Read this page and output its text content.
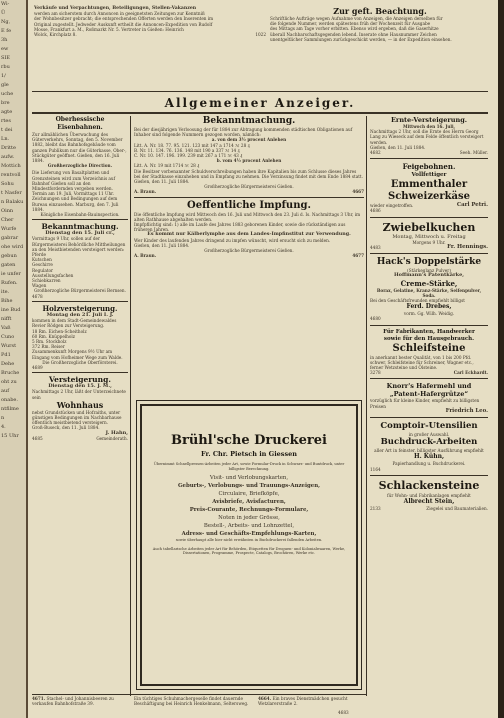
Wi-
Ü
Ng,
E fe
3h
ew
SIE
rbu
1/
gle
uche
bre
agte
rtes
t dei
Ln.
Dritte
aufw.
Mottich
rentvoll
Sohu
t Nasfer
n Balaku
Oinn
Cher
Wurfe
gabrar
ohe wird
gebun
gaten
ie unfer
Rufen.
ite.
Bihe
ine Bud
nifft
Vaß
Cuno
Wurst
Pd1
Dehe
Bruche
oht zu
auf
onabe.
ntfilme
n
4.
15 Uhr
Verkäufe und Verpachtungen, Beteiligungen, Stellen-Vakanzen
werden am sicherstem durch Annoncen in geeignetsten Zeitungen zur Kenntniß
der Wohnbesitzer gebracht; die entsprechenden Offerten werden den Inserenten im
Original zugestellt. Jedweder Auskunft ertheilt die Annoncen-Expedition von Rudolf
Mosse, Frankfurt a. M., Roßmarkt Nr. 5. Vertreter in Gießen: Heinrich
Wolck, Kirchplatz 8.	1022
Zur geft. Beachtung.
Schriftliche Aufträge wegen Aufnahme von Anzeigen, die Anzeigen derselben für
die folgende Nummer, werden spätestens früh der Wochenzeit für Ausgabe
des Mittags am Tage vorher erbitten. Ebenso wird ergeben, daß die Gaserhitze
überall Nachbarschaftsgegenden lebend. Inserate ohne Hausnummer Zeichen
unentgeltlicher Sammlungen zurückgeschickt werden, — in der Expedition einsehen.
Allgemeiner Anzeiger.
Oberhessische Eisenbahnen.
Zur allmählichen Überwachung des Güterverkehrs, Sonntag, den 5. November 1882, bleibt das Bahnhofsgebäude vom ganzen Publikum nur die Güterkasse, Ober-, Stückgüter geöffnet. Gießen, den 16. Juli 1884.
Großherzogliche Direction.
Die Lieferung von Basaltplatten und Grenzsteinen wird zum Verzeichnis auf Bahnhof Gießen soll an den Mindestfordernden vergeben werden.
Termin am 19. Juli, Vormittags 11 Uhr.
Zeichnungen und Bedingungen auf dem Bureau einzusehen. Marburg, den 7. Juli 1884.
Königliche Eisenbahn-Bauinspection.
Bekanntmachung.
Dienstag den 15. Juli cr.,
Vormittags 9 Uhr, sollen auf der Bürgermeisterei Behördliche Mittheilungen an den Meistbietenden versteigert werden:
Pferde
Kutschen
Geschirre
Regulator
Ausstellungsfachen
Schiebkarren
Wagen
Großherzogliche Bürgermeisterei Bernsen.
4678
Holzversteigerung.
Montag den 21. Juli I. J.
kommen in dem Stadt-Gemeindewaldes Revier Rödgen zur Versteigerung.
18 Rm. Eichen-Scheitholz
60 Rm. Knüppelholz
5 Rm. Stockholz
372 Rm. Reiser
Zusammenkunft Morgens 9½ Uhr am Eingang vom Hofheimer Wege zum Walde.
Die Großherzogliche Oberförsterei.
4689
Versteigerung.
Dienstag den 15. J. M.,
Nachmittags 2 Uhr, läßt der Unterzeichnete sein
Wohnhaus
nebst Grundstücken und Hofraiths, unter günstigen Bedingungen im Nachbarhause öffentlich meistbietend versteigern.
Groß-Buseck, den 11. Juli 1884.
J. Hahn,
4685	Gemeinderath.
Bekanntmachung.
Bei der diesjährigen Verloosung der für 1884 zur Abtragung kommenden städtischen Obligationen auf Inhaber sind folgende Nummern gezogen worden, nämlich:
a. von dem 3½ procent Anlehen
Litt. A. Nr. 18. 77. 95. 121. 123 mit 147 a 1714 ℳ 28 ₰
B. Nr. 11. 134. 76. 136. 148 mit 190 a 337 ℳ 14 ₰
C. Nr. 10. 147. 196. 199. 239 mit 267 a 171 ℳ 43 ₰
b. vom 4½ procent Anlehen
Litt. A. Nr. 19 mit 1714 ℳ 28 ₰
Die Besitzer vorbenannter Schuldverschreibungen haben ihre Kapitalien bis zum Schlusse dieses Jahres bei der Stadtkasse einzuheben und in Empfang zu nehmen. Die Verzinsung findet mit dem Ende 1884 statt.
Gießen, den 11. Juli 1884.
Großherzogliche Bürgermeisterei Gießen.
A. Braun.	4667
Oeffentliche Impfung.
Die öffentliche Impfung wird Mittwoch den 16. Juli und Mittwoch den 23. Juli d. Is. Nachmittags 3 Uhr, im alten Rathhause abgehalten werden.
Impfpflichtig sind: 1) alle im Laufe des Jahres 1883 geborenen Kinder, sowie die rückständigen aus früheren Jahren.
Es kommt nur Kälberlymphe aus dem Landes-Impfinstitut zur Verwendung.
Wer Kinder des laufenden Jahres dringend zu impfen wünscht, wird ersucht sich zu melden.
Gießen, den 11. Juli 1884.
Großherzogliche Bürgermeisterei Gießen.
A. Braun.	4677
Brühl'sche Druckerei
Fr. Chr. Pietsch in Giessen
Übernimmt Schnellpressen-Arbeiten jeder Art, sowie Formular-Druck in Schwarz- und Buntdruck, unter billigster Berechnung.
Visit- und Verlobungskarten,
Geburts-, Verlobungs- und Trauungs-Anzeigen,
Circulaire, Briefköpfe,
Avisbriefe, Avisfacturen,
Preis-Courante, Rechnungs-Formulare,
Noten in jeder Grösse,
Bestell-, Arbeits- und Lohnzettel,
Adress- und Geschäfts-Empfehlungs-Karten,
sowie überhaupt alle hier nicht erwähnten in Buchdruckerei fallenden Arbeiten.
Auch tabellarische Arbeiten jeder Art für Behörden, Etiquetten für Droguen- und Kolonialwaaren, Werke, Dissertationen, Programme, Prospecte, Catalogs, Brochüren, Werke etc.
Ernte-Versteigerung.
Mittwoch den 16. Juli,
Nachmittags 2 Uhr, soll die Ernte des Herrn Georg Lang zu Wieseck auf dem Felde öffentlich versteigert werden.
Gießen, den 11. Juli 1884.
4682	Seeh. Müller.
Feigebohnen.
Vollfettiger
Emmenthaler
Schweizerkäse
wieder eingetroffen.	Carl Petri.
4686
Zwiebelkuchen
Montag, Mittwoch u. Freitag
Morgens 9 Uhr.
4483	Fr. Hennings.
Hack's Doppelstärke
(Stärkeglanz Pulver)
Hoffmann's Patentkärke,
Creme-Stärke,
Borax, Gelatine, Kranz-Stärke, Seifenpulver, Soda.
Bei den Geschäftsfreunden empfiehlt billigst
Ferd. Drebes,
vorm. Gg. Wilh. Weidig.
4680
Für Fabrikanten, Handwerker
sowie für den Hausgebrauch.
Schleifsteine
in anerkannt bester Qualität, von 1 bis 200 Pfd. schwer, Schleifsteine für Schreiner, Wagner etc., ferner Wetzsteine und Ölsteine.
3278	Carl Eckhardt.
Knorr's Hafermehl und
„Patent-Hafergrütze“
vorzüglich für kleine Kinder, empfiehlt zu billigsten Preisen
Friedrich Leo.
Comptoir-Utensilien
in großer Auswahl.
Buchdruck-Arbeiten
aller Art in feinster, billigster Ausführung empfiehlt
H. Kühn,
Papierhandlung u. Buchdruckerei.
1164
Schlackensteine
für Wohn- und Fabrikanlagen empfiehlt
Albrecht Stein,
2133	Ziegelei und Baumaterialien.
4671. Stachel- und Johannisbeeren zu verkaufen Bahnhofstraße 39.
Ein tüchtiges Schuhmachergeselle findet dauernde Beschäftigung bei Heinrich Henkelmann, Seltersweg.
4664. Ein braves Dienstmädchen gesucht Wetzlarerstraße 2.
4683
